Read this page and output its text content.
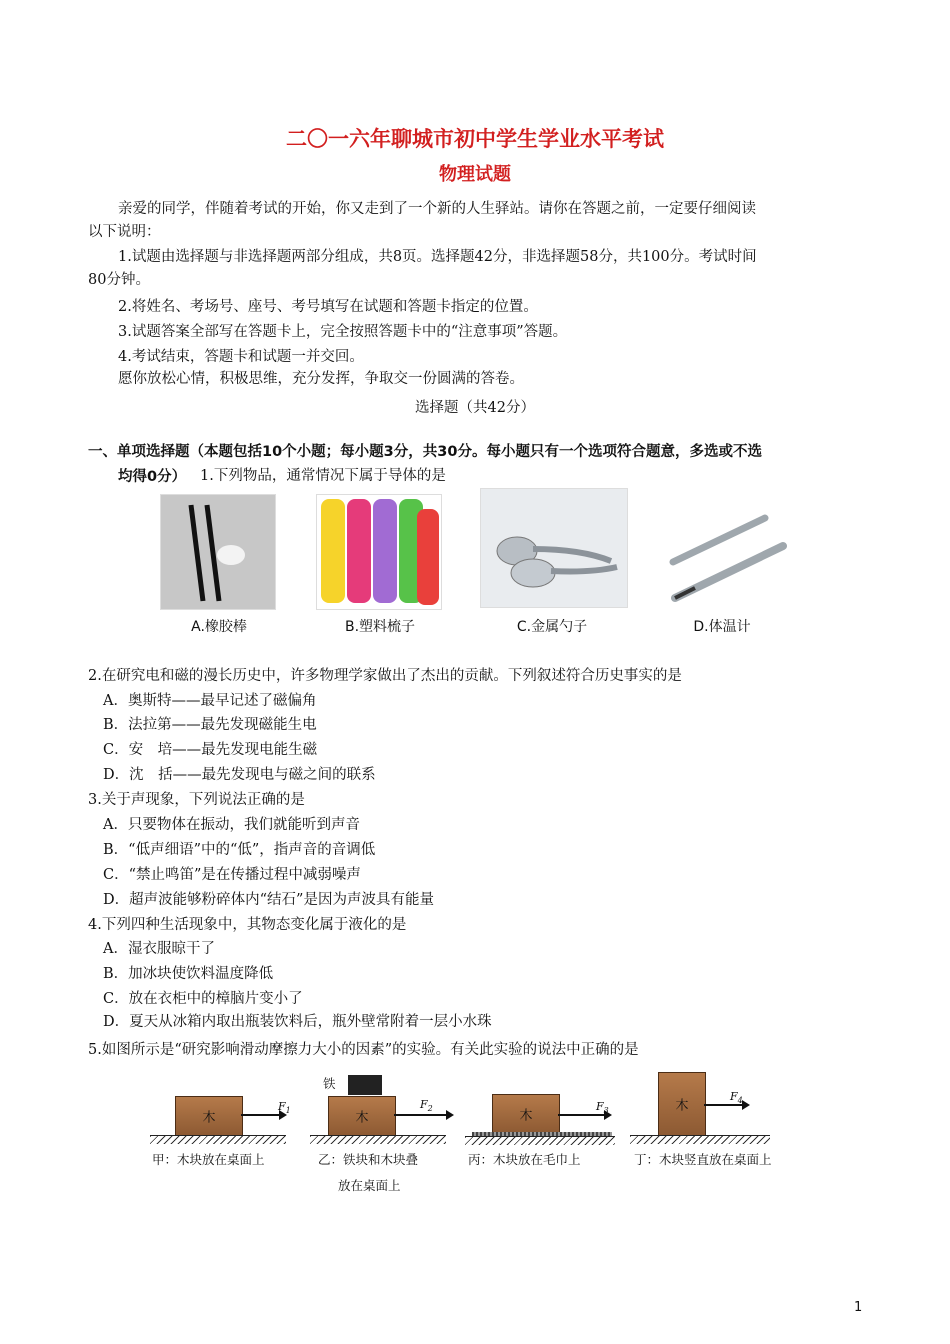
二〇一六年聊城市初中学生学业水平考试
物理试题
亲爱的同学，伴随着考试的开始，你又走到了一个新的人生驿站。请你在答题之前，一定要仔细阅读
以下说明：
1.试题由选择题与非选择题两部分组成，共8页。选择题42分，非选择题58分，共100分。考试时间
80分钟。
2.将姓名、考场号、座号、考号填写在试题和答题卡指定的位置。
3.试题答案全部写在答题卡上，完全按照答题卡中的“注意事项”答题。
4.考试结束，答题卡和试题一并交回。
愿你放松心情，积极思维，充分发挥，争取交一份圆满的答卷。
选择题（共42分）
一、单项选择题（本题包括10个小题；每小题3分，共30分。每小题只有一个选项符合题意，多选或不选
均得0分） 1.下列物品，通常情况下属于导体的是
A.橡胶棒	B.塑料梳子	C.金属勺子	D.体温计
2.在研究电和磁的漫长历史中，许多物理学家做出了杰出的贡献。下列叙述符合历史事实的是
A．奥斯特——最早记述了磁偏角
B．法拉第——最先发现磁能生电
C．安　培——最先发现电能生磁
D．沈　括——最先发现电与磁之间的联系
3.关于声现象，下列说法正确的是
A．只要物体在振动，我们就能听到声音
B．“低声细语”中的“低”，指声音的音调低
C．“禁止鸣笛”是在传播过程中减弱噪声
D．超声波能够粉碎体内“结石”是因为声波具有能量
4.下列四种生活现象中，其物态变化属于液化的是
A．湿衣服晾干了
B．加冰块使饮料温度降低
C．放在衣柜中的樟脑片变小了
D．夏天从冰箱内取出瓶装饮料后，瓶外壁常附着一层小水珠
5.如图所示是“研究影响滑动摩擦力大小的因素”的实验。有关此实验的说法中正确的是
木
$F_1$
甲：木块放在桌面上
铁
木
$F_2$
乙：铁块和木块叠
放在桌面上
木
$F_3$
丙：木块放在毛巾上
木
$F_4$
丁：木块竖直放在桌面上
1
